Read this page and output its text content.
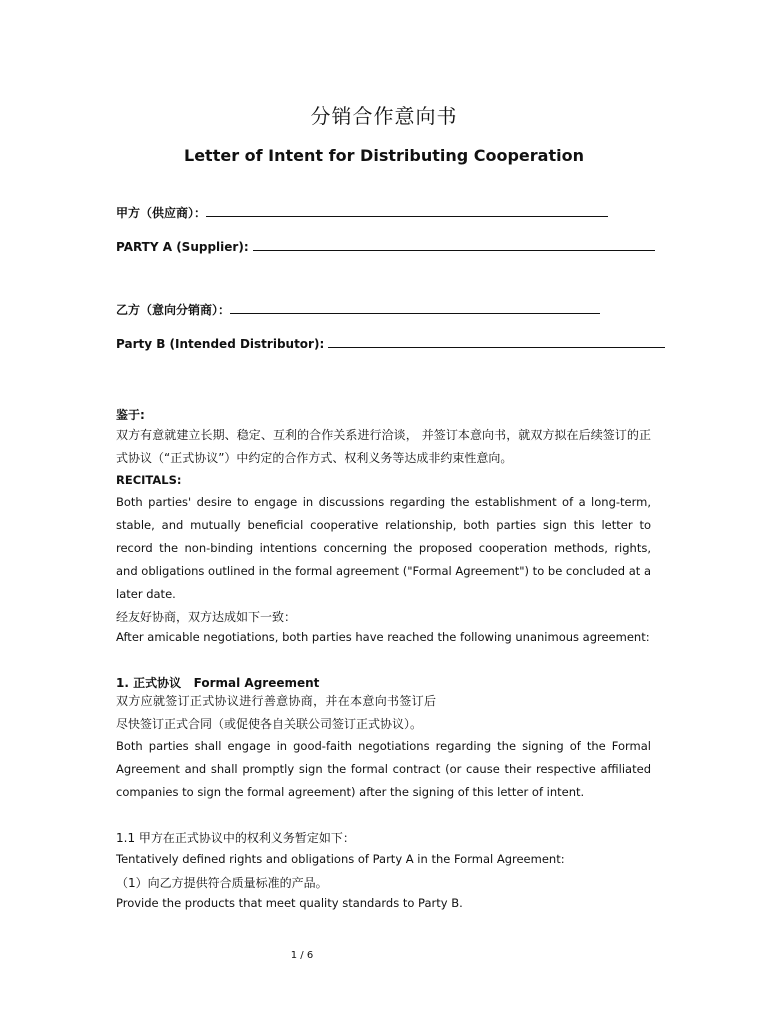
分销合作意向书
Letter of Intent for Distributing Cooperation
甲方（供应商）：
PARTY A (Supplier):
乙方（意向分销商）：
Party B (Intended Distributor):
鉴于:
双方有意就建立长期、稳定、互利的合作关系进行洽谈， 并签订本意向书，就双方拟在后续签订的正式协议（“正式协议”）中约定的合作方式、权利义务等达成非约束性意向。
RECITALS:
Both parties' desire to engage in discussions regarding the establishment of a long-term, stable, and mutually beneficial cooperative relationship, both parties sign this letter to record the non-binding intentions concerning the proposed cooperation methods, rights, and obligations outlined in the formal agreement ("Formal Agreement") to be concluded at a later date.
经友好协商，双方达成如下一致：
After amicable negotiations, both parties have reached the following unanimous agreement:
1. 正式协议 Formal Agreement
双方应就签订正式协议进行善意协商，并在本意向书签订后尽快签订正式合同（或促使各自关联公司签订正式协议）。
Both parties shall engage in good-faith negotiations regarding the signing of the Formal Agreement and shall promptly sign the formal contract (or cause their respective affiliated companies to sign the formal agreement) after the signing of this letter of intent.
1.1 甲方在正式协议中的权利义务暂定如下：
Tentatively defined rights and obligations of Party A in the Formal Agreement:
（1）向乙方提供符合质量标准的产品。
Provide the products that meet quality standards to Party B.
1 / 6
